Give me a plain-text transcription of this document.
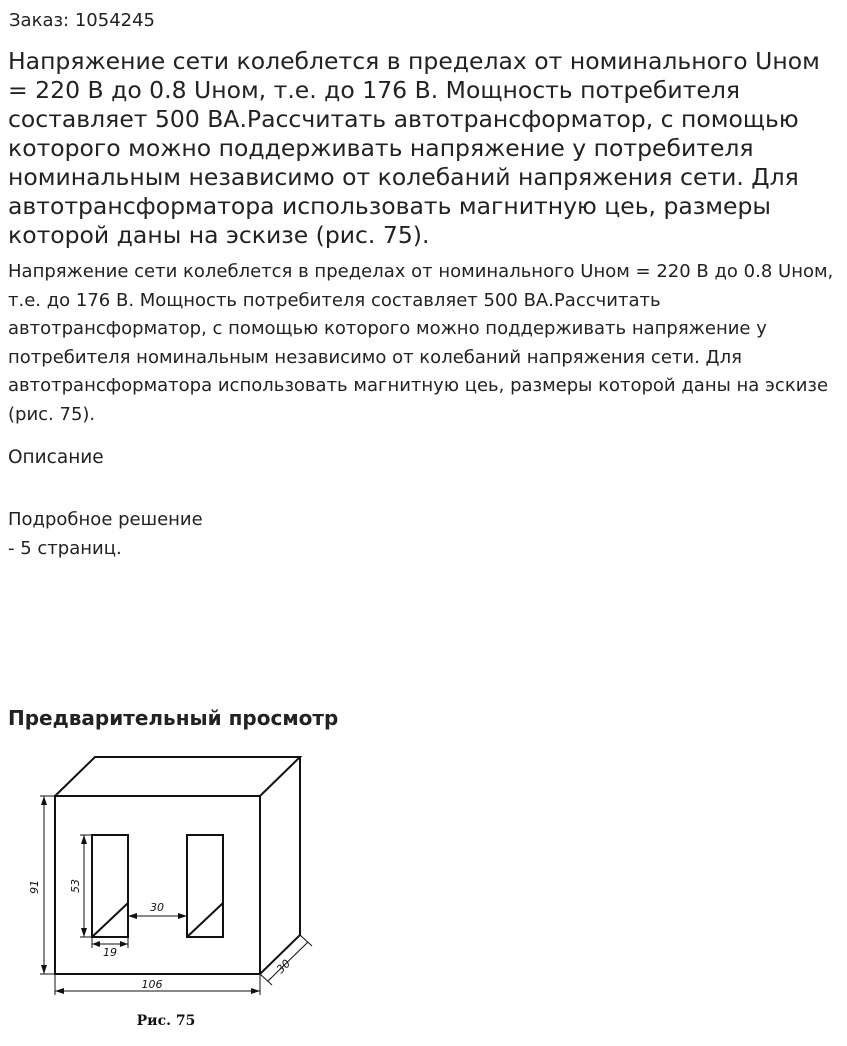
Заказ: 1054245
Напряжение сети колеблется в пределах от номинального Uном = 220 В до 0.8 Uном, т.е. до 176 В. Мощность потребителя составляет 500 ВА.Рассчитать автотрансформатор, с помощью которого можно поддерживать напряжение у потребителя номинальным независимо от колебаний напряжения сети. Для автотрансформатора использовать магнитную цеь, размеры которой даны на эскизе (рис. 75).

Напряжение сети колеблется в пределах от номинального Uном = 220 В до 0.8 Uном, т.е. до 176 В. Мощность потребителя составляет 500 ВА.Рассчитать автотрансформатор, с помощью которого можно поддерживать напряжение у потребителя номинальным независимо от колебаний напряжения сети. Для автотрансформатора использовать магнитную цеь, размеры которой даны на эскизе (рис. 75).

Описание
Подробное решение
- 5 страниц.
Предварительный просмотр
91	53
30
19
106
30
Рис. 75
